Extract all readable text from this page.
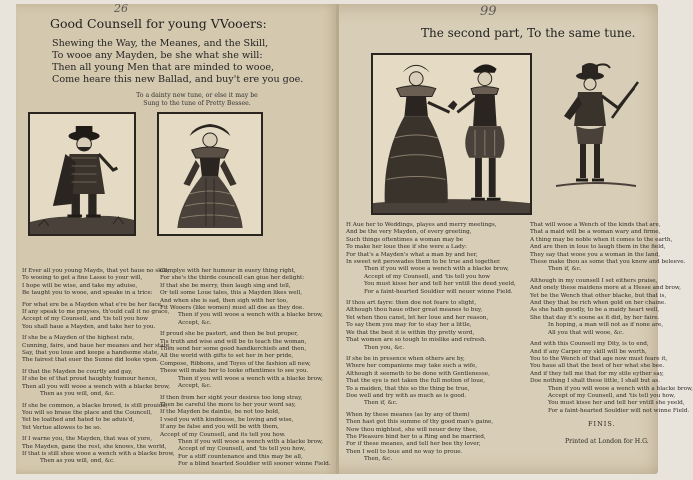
26	99
Good Counsell for young VVooers:
Shewing the Way, the Meanes, and the Skill,
To wooe any Mayden, be she what she will:
Then all young Men that are minded to wooe,
Come heare this new Ballad, and buy't ere you goe.
To a dainty new tune, or else it may be
Sung to the tune of Pretty Bessee.
The second part, To the same tune.
If Ever all you young Mayds, that yet haue no skill,
To wooing to get a fine Lasse to your will,
I hope will be wise, and take my aduise,
Be taught you to wooe, and speake in a trice:
For what ere be a Mayden what e're be her face,
If any speak to me prayses, th'ould call it no grace,
Accept of my Counsell, and 'tis tell you how
You shall haue a Mayden, and take her to you.
If she be a Mayden of the highest rate,
Cunning, faire, and haue her meanes and her state,
Say, that you loue and keepe a handsome state,
The fairest that euer the Sunne did looke vpon.
If that the Mayden be courtly and gay,
If she be of that proud haughty humour hence,
Then all you will wooe a wench with a blacke brow,
Then as you will, ond, &c.
If she be common, a blacke browd, is still prouide,
You will so braue the place and the Councell,
Yet be loathed and hated to be aduis'd,
Yet Vertue allowes to be so.
If I warne you, the Mayden, that was of yore,
The Mayden, gane the rest, she knows, the world,
If that is still shee wooe a wench with a blacke brow,
Then as you will, ond, &c.
Complye with her humour in euery thing right,
For she's the thirde councell can giue her delight:
If that she be merry, then laugh sing and tell,
Or tell some Loue tales, this a Mayden likes well,
And when she is sad, then sigh with her too,
Fit Wooers (like women) must all doe as they doe.
Then if you will wooe a wench with a blacke brow,
Accept, &c.
If proud she be pastort, and then be but proper,
Tis truth and wise and will be to teach the woman,
Then send her some good handkerchiefs and then,
All the world with gifts to set her in her pride,
Compose, Ribbons, and Toyes of the fashion all new,
These will make her to looke oftentimes to see you.
Then if you will wooe a wench with a blacke brow,
Accept, &c.
If then from her sight your desires too long stray,
Then be careful the more to her your word say,
If the Mayden be daintie, be not too bold,
I vsed you with kindnesse, be loving and wise,
If any be false and you will be with them,
Accept of my Counsell, and its tell you how.
Then if you will wooe a wench with a blacke brow,
Accept of my Counsell, and 'tis tell you how,
For a stiff countenance and this may be all,
For a blind hearted Souldier will sooner winne Field.
H Aue her to Weddings, playes and merry meetings,
And be the very Mayden, of every greeting,
Such things oftentimes a woman may be
To make her loue thee if she were a Lady:
For that's a Mayden's what a man by and her,
In sweet wit perswades them to be true and together.
Then if you will wooe a wench with a blacke brow,
Accept of my Counsell, and 'tis tell you how
You must kisse her and tell her vntill the deed yeeld,
For a faint-hearted Souldier will neuer winne Field.
If thou art fayre: then doe not feare to slight,
Although thou haue other great meanes to buy,
Yet when thou canst, let her loue and her reason,
To say them you may for to stay her a little,
We that the best it is within thy pretty word,
That women are so tough to mislike and refresh.
Then you, &c.
If she be in presence when others are by,
Where her companions may take such a wife,
Although it seemeth to be done with Gentlenesse,
That the eye is not taken the full motion of loue,
To a maiden, that this so the thing be true,
Doe well and try with as much as is good.
Then if, &c.
When by these meanes (as by any of them)
Then hast got this summe of thy good man's gaine,
Now thou mightest, she will neuer deny thee,
The Pleasure bind her to a Ring and be married,
For if these meanes, and tell her bee thy lover,
Then I well to loue and no way to proue.
Then, &c.
That will wooe a Wench of the kinds that are,
That a maid will be a woman wary and firme,
A thing may be noble when it comes to the earth,
And are then in loue to laugh them in the field,
They say that wooe you a woman in the land,
These make thou as some that you know and beleeve.
Then if, &c.
Although in my counsell I set eithers praise,
And onely these maidens more at a Hesse and brow,
Yet be the Wench that other blacke, but that is,
And they that be rich when gold on her chaine.
As she hath goodly, to be a maidy heart well,
She that day it's soone as it did, by her faire.
In hoping, a man will not as if none are,
All you that will wooe, &c.
And with this Counsell my Dity, is to end,
And if any Carper my skill will be worth,
You to the Wench of that age now must feare it,
You haue all that the best of her what she bee.
And if they tell me that for my stile eyther say,
Doe nothing I shall these little, I shall but as.
Then if you will wooe a wench with a blacke brow,
Accept of my Counsell, and 'tis tell you how,
You must kisse her and tell her vntill she yeeld,
For a faint-hearted Souldier will not winne Field.
FINIS.
Printed at London for H.G.
